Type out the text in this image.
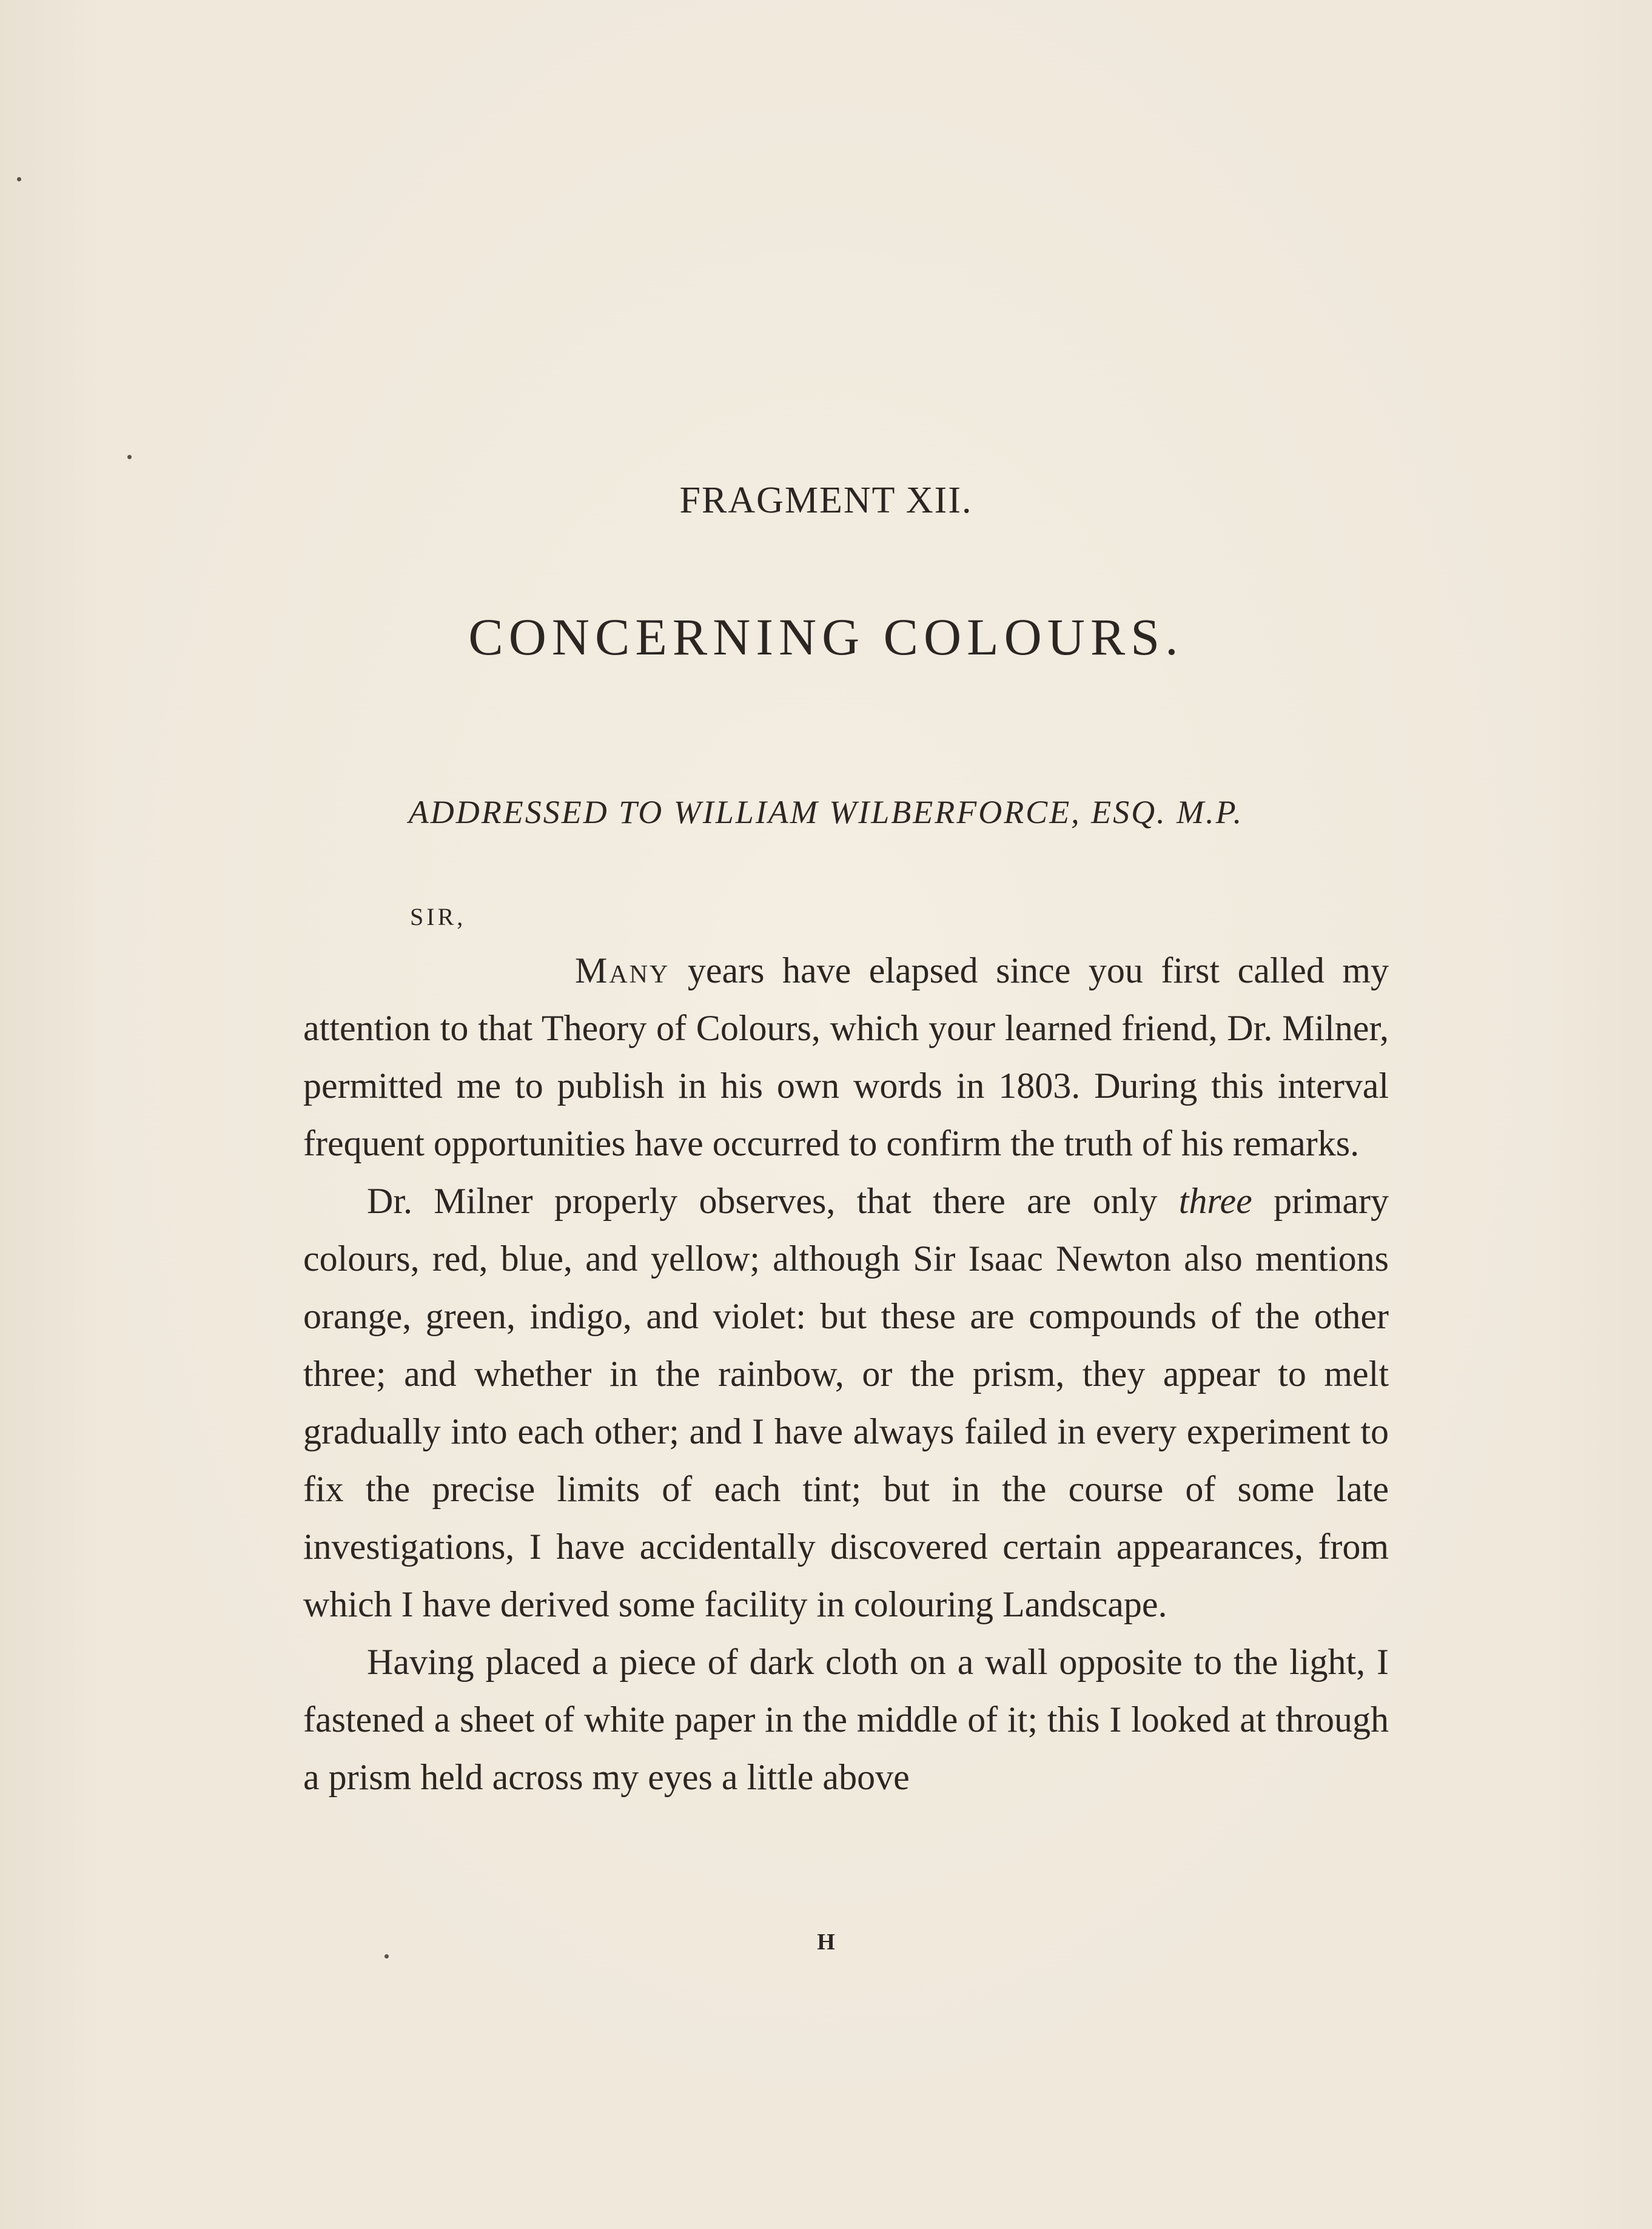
FRAGMENT XII.
CONCERNING COLOURS.

ADDRESSED TO WILLIAM WILBERFORCE, ESQ. M.P.

SIR,

Many years have elapsed since you first called my attention to that Theory of Colours, which your learned friend, Dr. Milner, permitted me to publish in his own words in 1803. During this interval frequent opportunities have occurred to confirm the truth of his remarks.

Dr. Milner properly observes, that there are only three primary colours, red, blue, and yellow; although Sir Isaac Newton also mentions orange, green, indigo, and violet: but these are compounds of the other three; and whether in the rainbow, or the prism, they appear to melt gradually into each other; and I have always failed in every experiment to fix the precise limits of each tint; but in the course of some late investigations, I have accidentally discovered certain appearances, from which I have derived some facility in colouring Landscape.

Having placed a piece of dark cloth on a wall opposite to the light, I fastened a sheet of white paper in the middle of it; this I looked at through a prism held across my eyes a little above

H
